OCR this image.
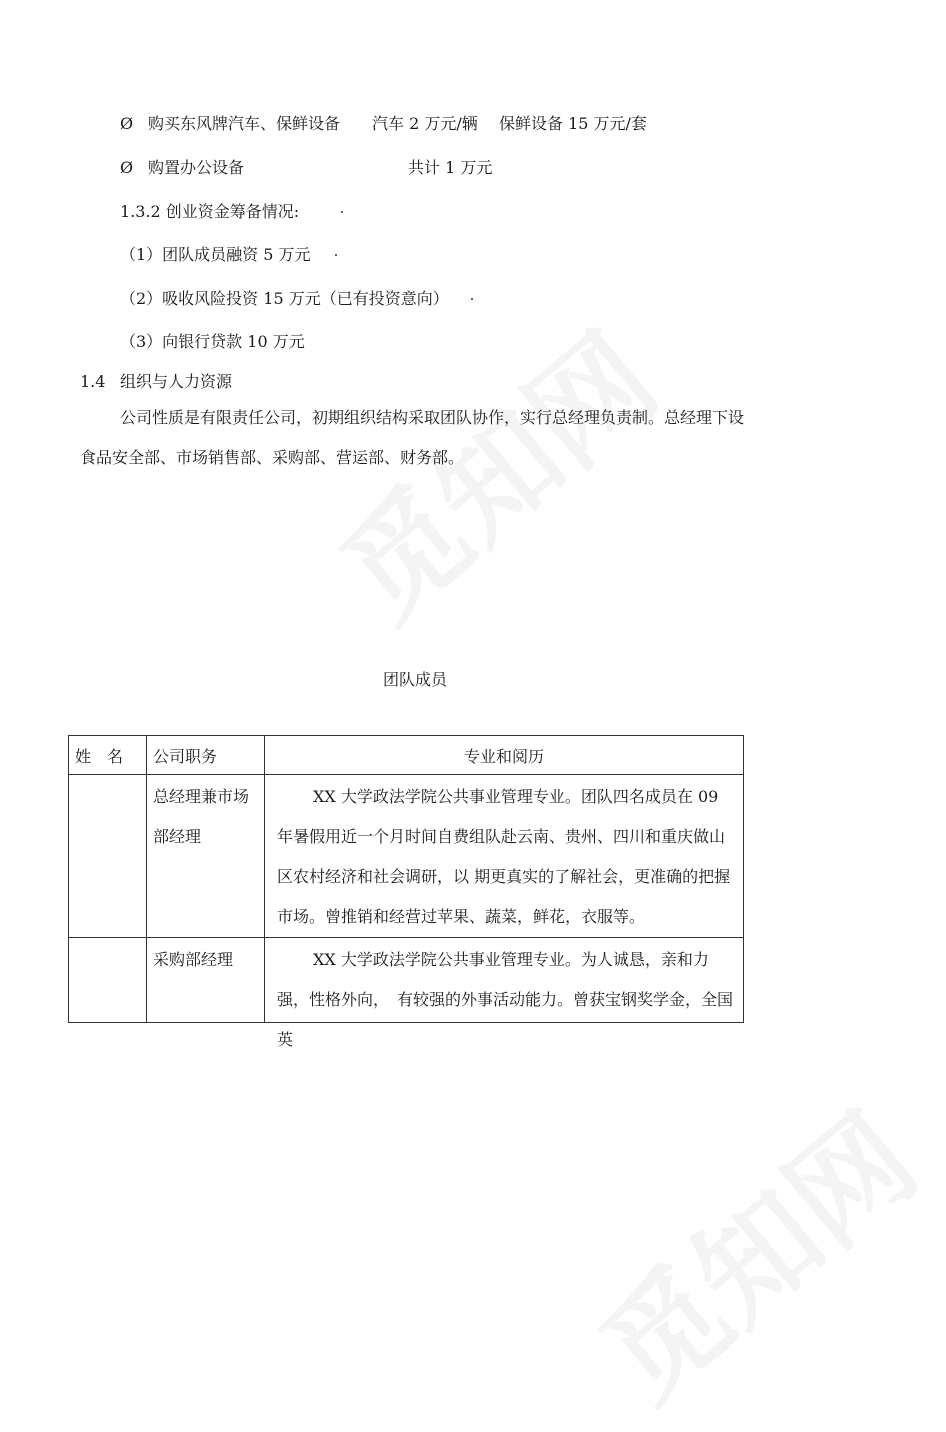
Ø 购买东风牌汽车、保鲜设备 汽车 2 万元/辆 保鲜设备 15 万元/套
Ø 购置办公设备	共计 1 万元
1.3.2 创业资金筹备情况:
（1）团队成员融资 5 万元
（2）吸收风险投资 15 万元（已有投资意向）
（3）向银行贷款 10 万元
1.4 组织与人力资源
公司性质是有限责任公司，初期组织结构采取团队协作，实行总经理负责制。总经理下设食品安全部、市场销售部、采购部、营运部、财务部。
团队成员
姓　名	公司职务	专业和阅历
	总经理兼市场部经理	XX 大学政法学院公共事业管理专业。团队四名成员在 09 年暑假用近一个月时间自费组队赴云南、贵州、四川和重庆做山区农村经济和社会调研，以 期更真实的了解社会，更准确的把握市场。曾推销和经营过苹果、蔬菜，鲜花，衣服等。

	采购部经理	XX 大学政法学院公共事业管理专业。为人诚恳，亲和力强，性格外向，　有较强的外事活动能力。曾获宝钢奖学金，全国英
